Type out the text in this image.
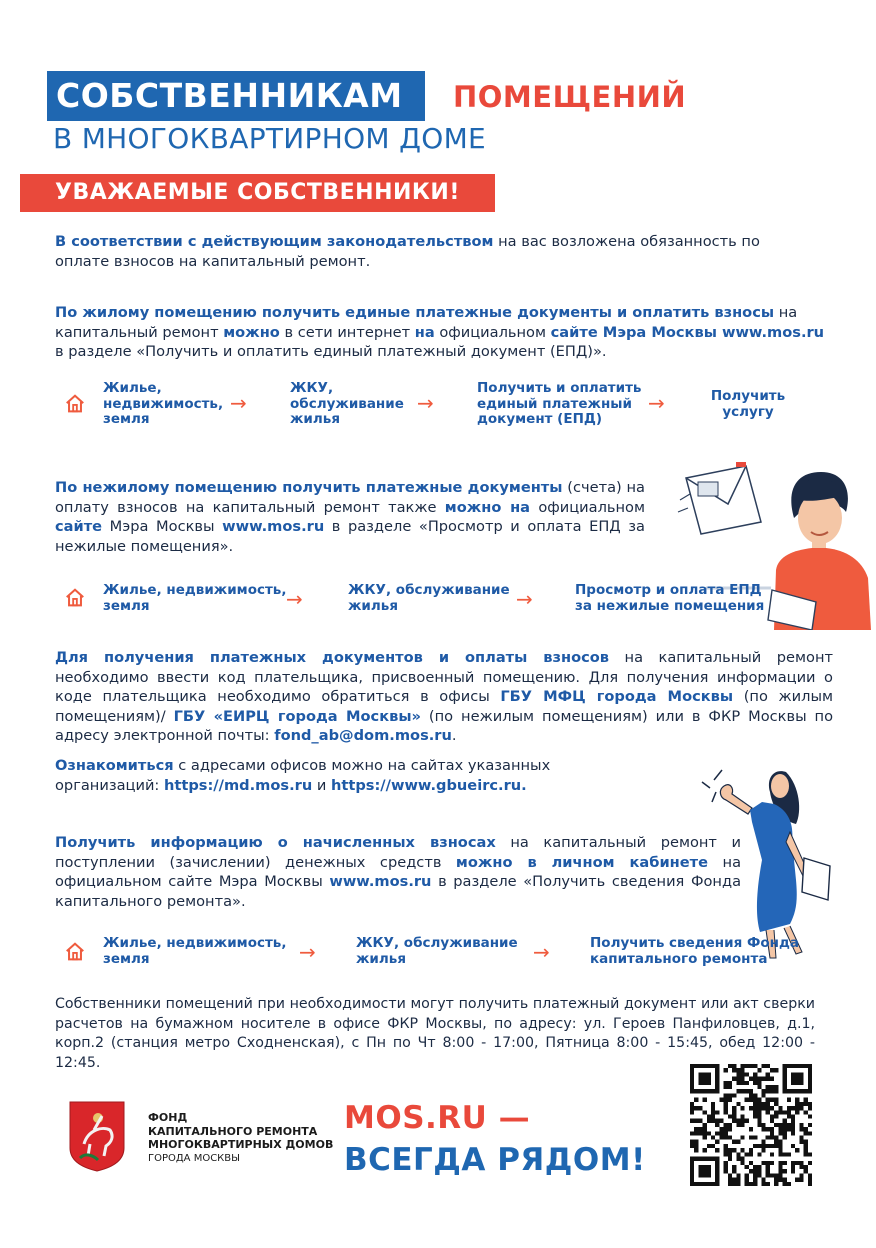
СОБСТВЕННИКАМ	ПОМЕЩЕНИЙ
В МНОГОКВАРТИРНОМ ДОМЕ
УВАЖАЕМЫЕ СОБСТВЕННИКИ!
В соответствии с действующим законодательством на вас возложена обязанность по оплате взносов на капитальный ремонт.
По жилому помещению получить единые платежные документы и оплатить взносы на капитальный ремонт можно в сети интернет на официальном сайте Мэра Москвы www.mos.ru в разделе «Получить и оплатить единый платежный документ (ЕПД)».
Жилье,
недвижимость,
земля
→
ЖКУ,
обслуживание
жилья
→
Получить и оплатить
единый платежный
документ (ЕПД)
→	Получить
услугу
По нежилому помещению получить платежные документы (счета) на оплату взносов на капитальный ремонт также можно на официальном сайте Мэра Москвы www.mos.ru в разделе «Просмотр и оплата ЕПД за нежилые помещения».
Жилье, недвижимость,
земля	→	ЖКУ, обслуживание
жилья	→	Просмотр и оплата ЕПД
за нежилые помещения
Для получения платежных документов и оплаты взносов на капитальный ремонт необходимо ввести код плательщика, присвоенный помещению. Для получения информации о коде плательщика необходимо обратиться в офисы ГБУ МФЦ города Москвы (по жилым помещениям)/ ГБУ «ЕИРЦ города Москвы» (по нежилым помещениям) или в ФКР Москвы по адресу электронной почты: fond_ab@dom.mos.ru.
Ознакомиться с адресами офисов можно на сайтах указанных организаций: https://md.mos.ru и https://www.gbueirc.ru.
Получить информацию о начисленных взносах на капитальный ремонт и поступлении (зачислении) денежных средств можно в личном кабинете на официальном сайте Мэра Москвы www.mos.ru в разделе «Получить сведения Фонда капитального ремонта».
Жилье, недвижимость,
земля	→	ЖКУ, обслуживание
жилья	→	Получить сведения Фонда
капитального ремонта
Собственники помещений при необходимости могут получить платежный документ или акт сверки расчетов на бумажном носителе в офисе ФКР Москвы, по адресу: ул. Героев Панфиловцев, д.1, корп.2 (станция метро Сходненская), с Пн по Чт 8:00 - 17:00, Пятница 8:00 - 15:45, обед 12:00 - 12:45.
ФОНД
КАПИТАЛЬНОГО РЕМОНТА
МНОГОКВАРТИРНЫХ ДОМОВ
ГОРОДА МОСКВЫ
MOS.RU —
ВСЕГДА РЯДОМ!
